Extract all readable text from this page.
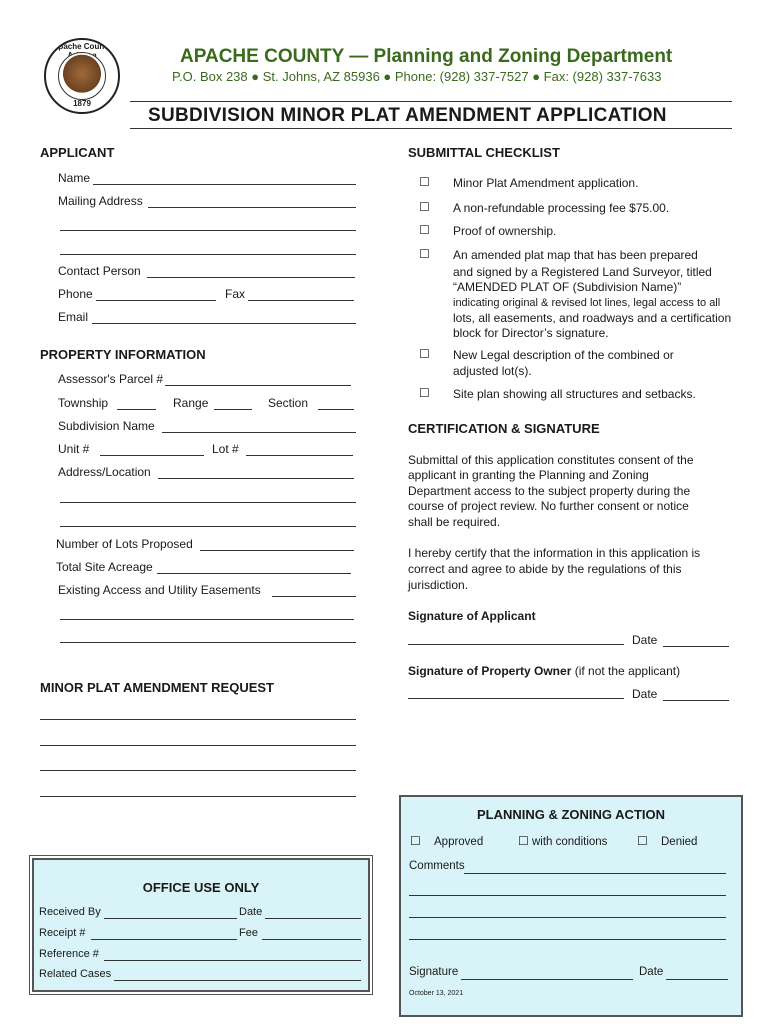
Apache County
1879
APACHE COUNTY — Planning and Zoning Department
P.O. Box 238 ● St. Johns, AZ 85936 ● Phone: (928) 337-7527 ● Fax: (928) 337-7633
SUBDIVISION MINOR PLAT AMENDMENT APPLICATION
APPLICANT
Name
Mailing Address
Contact Person
Phone	Fax
Email
PROPERTY INFORMATION
Assessor's Parcel #
Township	Range	Section
Subdivision Name
Unit #	Lot #
Address/Location
Number of Lots Proposed
Total Site Acreage
Existing Access and Utility Easements
MINOR PLAT AMENDMENT REQUEST
SUBMITTAL CHECKLIST
☐ Minor Plat Amendment application.
☐ A non-refundable processing fee $75.00.
☐ Proof of ownership.
☐ An amended plat map that has been prepared
and signed by a Registered Land Surveyor, titled
“AMENDED PLAT OF (Subdivision Name)”
indicating original & revised lot lines, legal access to all
lots, all easements, and roadways and a certification
block for Director’s signature.
☐ New Legal description of the combined or
adjusted lot(s).
☐ Site plan showing all structures and setbacks.
CERTIFICATION & SIGNATURE
Submittal of this application constitutes consent of the
applicant in granting the Planning and Zoning
Department access to the subject property during the
course of project review. No further consent or notice
shall be required.
I hereby certify that the information in this application is
correct and agree to abide by the regulations of this
jurisdiction.
Signature of Applicant
Date
Signature of Property Owner (if not the applicant)
Date
OFFICE USE ONLY
Received By	Date
Receipt #	Fee
Reference #
Related Cases
PLANNING & ZONING ACTION
☐ Approved	☐ with conditions ☐ Denied
Comments
Signature	Date
October 13, 2021
